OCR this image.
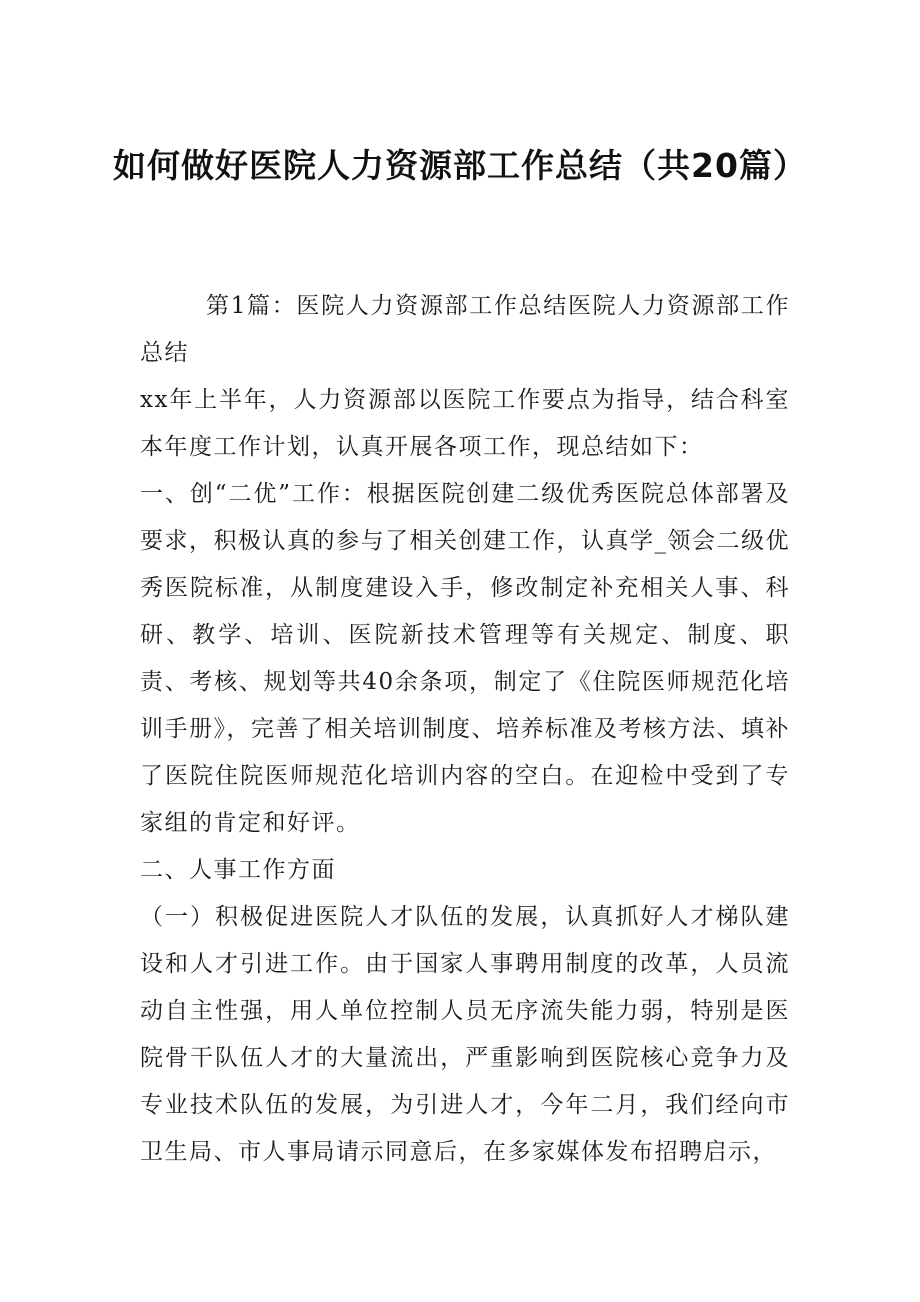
如何做好医院人力资源部工作总结（共20篇）

第1篇：医院人力资源部工作总结医院人力资源部工作总结

xx年上半年，人力资源部以医院工作要点为指导，结合科室本年度工作计划，认真开展各项工作，现总结如下：

一、创“二优”工作：根据医院创建二级优秀医院总体部署及要求，积极认真的参与了相关创建工作，认真学_领会二级优秀医院标准，从制度建设入手，修改制定补充相关人事、科研、教学、培训、医院新技术管理等有关规定、制度、职责、考核、规划等共40余条项，制定了《住院医师规范化培训手册》，完善了相关培训制度、培养标准及考核方法、填补了医院住院医师规范化培训内容的空白。在迎检中受到了专家组的肯定和好评。

二、人事工作方面

（一）积极促进医院人才队伍的发展，认真抓好人才梯队建设和人才引进工作。由于国家人事聘用制度的改革，人员流动自主性强，用人单位控制人员无序流失能力弱，特别是医院骨干队伍人才的大量流出，严重影响到医院核心竞争力及专业技术队伍的发展，为引进人才，今年二月，我们经向市卫生局、市人事局请示同意后，在多家媒体发布招聘启示，
